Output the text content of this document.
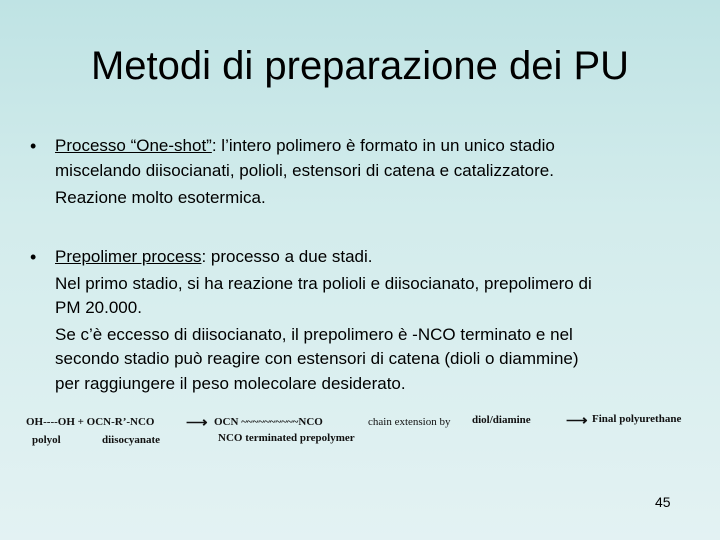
Metodi di preparazione dei PU
• Processo “One-shot”: l’intero polimero è formato in un unico stadio
miscelando diisocianati, polioli, estensori di catena e catalizzatore.
Reazione molto esotermica.
• Prepolimer process: processo a due stadi.
Nel primo stadio, si ha reazione tra polioli e diisocianato, prepolimero di
PM 20.000.
Se c’è eccesso di diisocianato, il prepolimero è -NCO terminato e nel
secondo stadio può reagire con estensori di catena (dioli o diammine)
per raggiungere il peso molecolare desiderato.
OH----OH + OCN-R’-NCO
polyol	diisocyanate
⟶ OCN ~~~~~~~~~~NCO
NCO terminated prepolymer
chain extension by diol/diamine ⟶ Final polyurethane
45
